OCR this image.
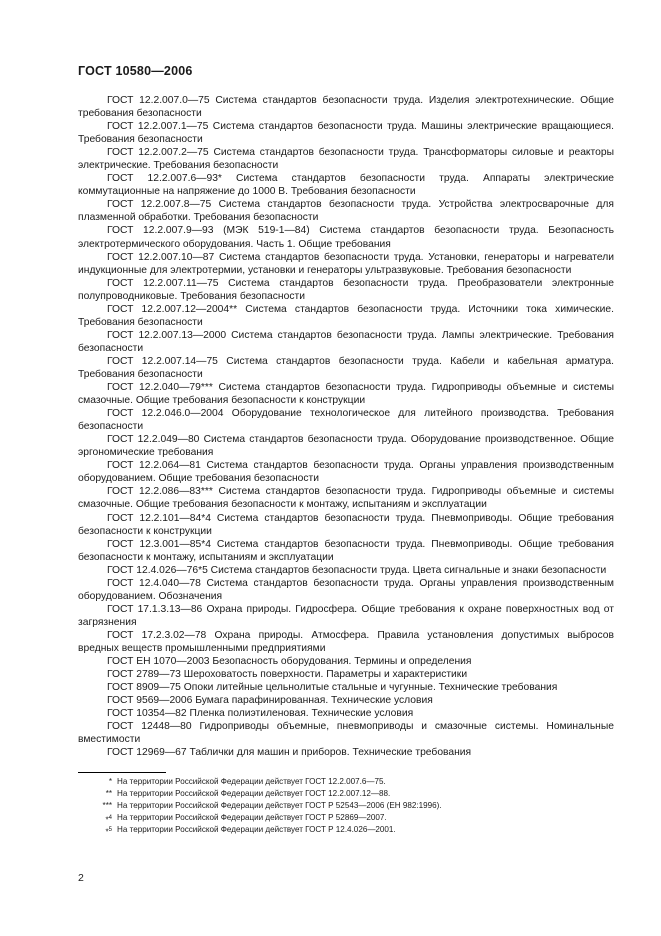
ГОСТ 10580—2006

ГОСТ 12.2.007.0—75 Система стандартов безопасности труда. Изделия электротехнические. Общие требования безопасности

ГОСТ 12.2.007.1—75 Система стандартов безопасности труда. Машины электрические вращающиеся. Требования безопасности

ГОСТ 12.2.007.2—75 Система стандартов безопасности труда. Трансформаторы силовые и реакторы электрические. Требования безопасности

ГОСТ 12.2.007.6—93* Система стандартов безопасности труда. Аппараты электрические коммутационные на напряжение до 1000 В. Требования безопасности

ГОСТ 12.2.007.8—75 Система стандартов безопасности труда. Устройства электросварочные для плазменной обработки. Требования безопасности

ГОСТ 12.2.007.9—93 (МЭК 519-1—84) Система стандартов безопасности труда. Безопасность электротермического оборудования. Часть 1. Общие требования

ГОСТ 12.2.007.10—87 Система стандартов безопасности труда. Установки, генераторы и нагреватели индукционные для электротермии, установки и генераторы ультразвуковые. Требования безопасности

ГОСТ 12.2.007.11—75 Система стандартов безопасности труда. Преобразователи электронные полупроводниковые. Требования безопасности

ГОСТ 12.2.007.12—2004** Система стандартов безопасности труда. Источники тока химические. Требования безопасности

ГОСТ 12.2.007.13—2000 Система стандартов безопасности труда. Лампы электрические. Требования безопасности

ГОСТ 12.2.007.14—75 Система стандартов безопасности труда. Кабели и кабельная арматура. Требования безопасности

ГОСТ 12.2.040—79*** Система стандартов безопасности труда. Гидроприводы объемные и системы смазочные. Общие требования безопасности к конструкции

ГОСТ 12.2.046.0—2004 Оборудование технологическое для литейного производства. Требования безопасности

ГОСТ 12.2.049—80 Система стандартов безопасности труда. Оборудование производственное. Общие эргономические требования

ГОСТ 12.2.064—81 Система стандартов безопасности труда. Органы управления производственным оборудованием. Общие требования безопасности

ГОСТ 12.2.086—83*** Система стандартов безопасности труда. Гидроприводы объемные и системы смазочные. Общие требования безопасности к монтажу, испытаниям и эксплуатации

ГОСТ 12.2.101—84*4 Система стандартов безопасности труда. Пневмоприводы. Общие требования безопасности к конструкции

ГОСТ 12.3.001—85*4 Система стандартов безопасности труда. Пневмоприводы. Общие требования безопасности к монтажу, испытаниям и эксплуатации

ГОСТ 12.4.026—76*5 Система стандартов безопасности труда. Цвета сигнальные и знаки безопасности

ГОСТ 12.4.040—78 Система стандартов безопасности труда. Органы управления производственным оборудованием. Обозначения

ГОСТ 17.1.3.13—86 Охрана природы. Гидросфера. Общие требования к охране поверхностных вод от загрязнения

ГОСТ 17.2.3.02—78 Охрана природы. Атмосфера. Правила установления допустимых выбросов вредных веществ промышленными предприятиями

ГОСТ ЕН 1070—2003 Безопасность оборудования. Термины и определения

ГОСТ 2789—73 Шероховатость поверхности. Параметры и характеристики

ГОСТ 8909—75 Опоки литейные цельнолитые стальные и чугунные. Технические требования

ГОСТ 9569—2006 Бумага парафинированная. Технические условия

ГОСТ 10354—82 Пленка полиэтиленовая. Технические условия

ГОСТ 12448—80 Гидроприводы объемные, пневмоприводы и смазочные системы. Номинальные вместимости

ГОСТ 12969—67 Таблички для машин и приборов. Технические требования

* На территории Российской Федерации действует ГОСТ 12.2.007.6—75.
** На территории Российской Федерации действует ГОСТ 12.2.007.12—88.
*** На территории Российской Федерации действует ГОСТ Р 52543—2006 (ЕН 982:1996).
*$^4$ На территории Российской Федерации действует ГОСТ Р 52869—2007.
*$^5$ На территории Российской Федерации действует ГОСТ Р 12.4.026—2001.
2
